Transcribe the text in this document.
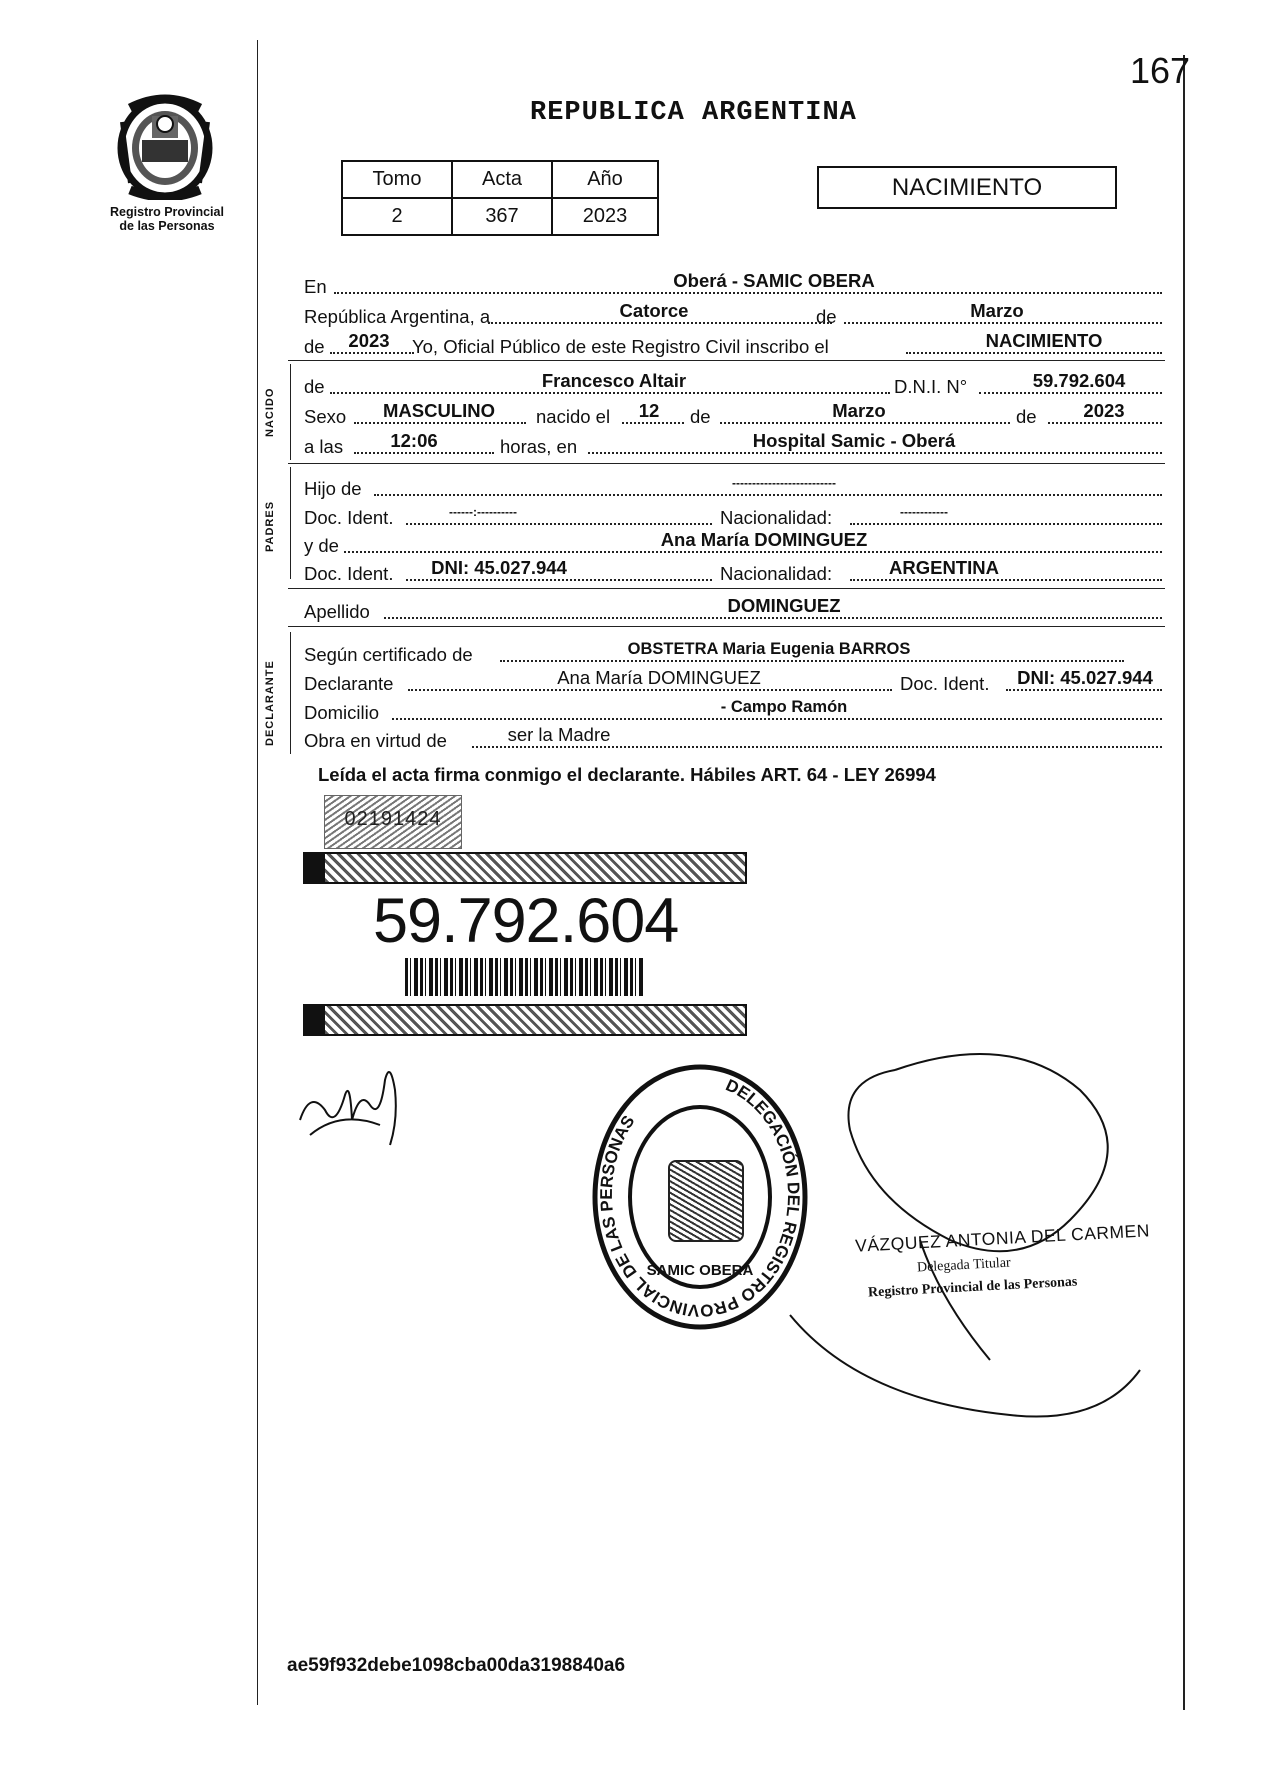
167
Registro Provincial
de las Personas
REPUBLICA ARGENTINA
Tomo	Acta	Año
2	367	2023
NACIMIENTO
En	Oberá - SAMIC OBERA
República Argentina, a	Catorce	de	Marzo
de	2023	Yo, Oficial Público de este Registro Civil inscribo el	NACIMIENTO
NACIDO
de	Francesco Altair	D.N.I. N°	59.792.604
Sexo	MASCULINO	nacido el	12	de	Marzo	de	2023
a las	12:06	horas, en	Hospital Samic - Oberá
PADRES
Hijo de	--------------------------
Doc. Ident.	------:----------	Nacionalidad:	------------
y de	Ana María DOMINGUEZ
Doc. Ident.	DNI: 45.027.944	Nacionalidad:	ARGENTINA
Apellido	DOMINGUEZ
DECLARANTE
Según certificado de	OBSTETRA Maria Eugenia BARROS
Declarante	Ana María DOMINGUEZ	Doc. Ident.	DNI: 45.027.944
Domicilio	- Campo Ramón
Obra en virtud de	ser la Madre
Leída el acta firma conmigo el declarante. Hábiles ART. 64 - LEY 26994
02191424
59.792.604
DELEGACIÓN DEL REGISTRO PROVINCIAL DE LAS PERSONAS
SAMIC OBERA
VÁZQUEZ ANTONIA DEL CARMEN
Delegada Titular
Registro Provincial de las Personas
ae59f932debe1098cba00da3198840a6
